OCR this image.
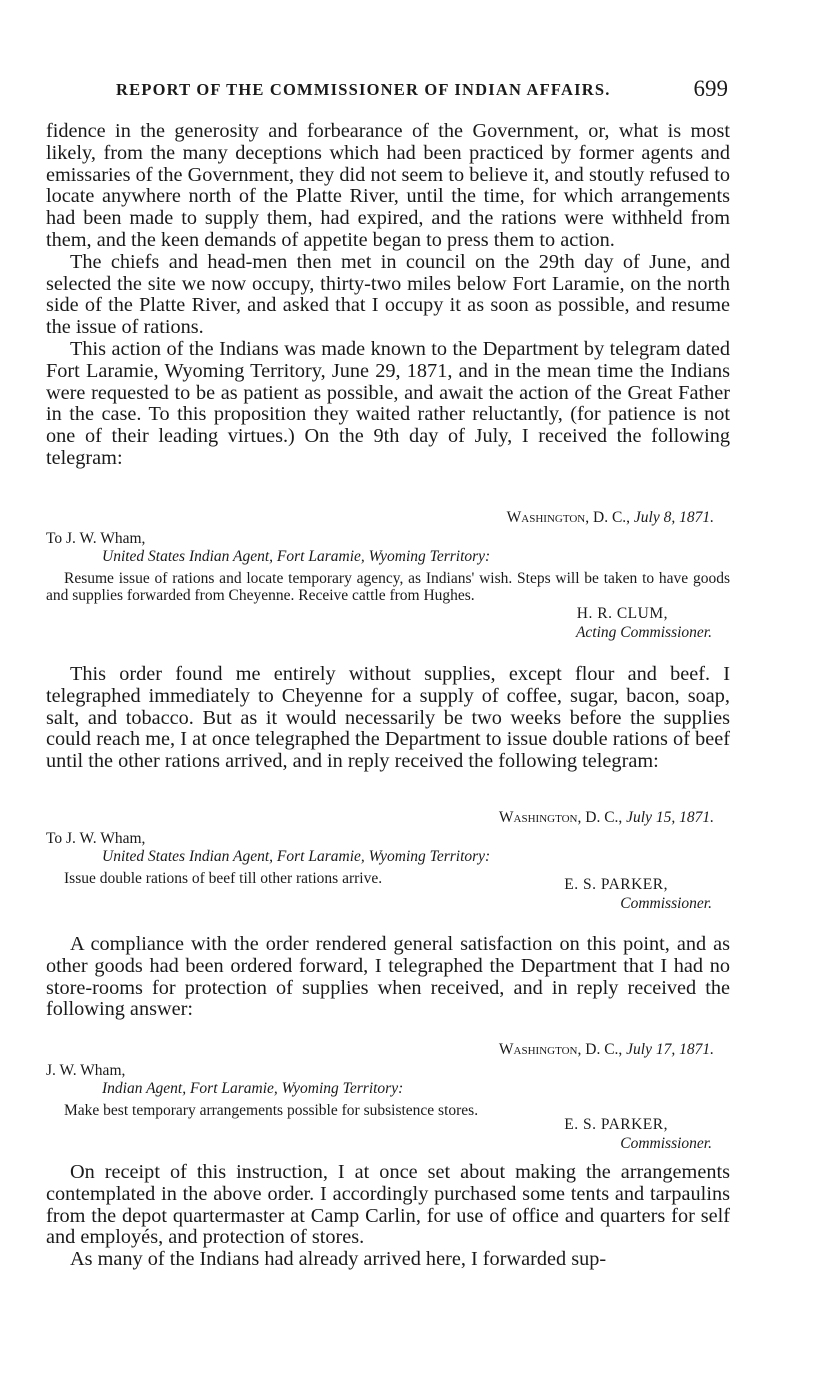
REPORT OF THE COMMISSIONER OF INDIAN AFFAIRS.	699

fidence in the generosity and forbearance of the Government, or, what is most likely, from the many deceptions which had been practiced by former agents and emissaries of the Government, they did not seem to believe it, and stoutly refused to locate anywhere north of the Platte River, until the time, for which arrangements had been made to supply them, had expired, and the rations were withheld from them, and the keen demands of appetite began to press them to action.

The chiefs and head-men then met in council on the 29th day of June, and selected the site we now occupy, thirty-two miles below Fort Laramie, on the north side of the Platte River, and asked that I occupy it as soon as possible, and resume the issue of rations.

This action of the Indians was made known to the Department by telegram dated Fort Laramie, Wyoming Territory, June 29, 1871, and in the mean time the Indians were requested to be as patient as possible, and await the action of the Great Father in the case. To this proposition they waited rather reluctantly, (for patience is not one of their leading virtues.) On the 9th day of July, I received the following telegram:

Washington, D. C., July 8, 1871.
To J. W. Wham,
United States Indian Agent, Fort Laramie, Wyoming Territory:
Resume issue of rations and locate temporary agency, as Indians' wish. Steps will be taken to have goods and supplies forwarded from Cheyenne. Receive cattle from Hughes.
H. R. CLUM,
Acting Commissioner.

This order found me entirely without supplies, except flour and beef. I telegraphed immediately to Cheyenne for a supply of coffee, sugar, bacon, soap, salt, and tobacco. But as it would necessarily be two weeks before the supplies could reach me, I at once telegraphed the Department to issue double rations of beef until the other rations arrived, and in reply received the following telegram:

Washington, D. C., July 15, 1871.
To J. W. Wham,
United States Indian Agent, Fort Laramie, Wyoming Territory:
Issue double rations of beef till other rations arrive.	E. S. PARKER,
Commissioner.

A compliance with the order rendered general satisfaction on this point, and as other goods had been ordered forward, I telegraphed the Department that I had no store-rooms for protection of supplies when received, and in reply received the following answer:

Washington, D. C., July 17, 1871.
J. W. Wham,
Indian Agent, Fort Laramie, Wyoming Territory:
Make best temporary arrangements possible for subsistence stores.
E. S. PARKER,
Commissioner.

On receipt of this instruction, I at once set about making the arrangements contemplated in the above order. I accordingly purchased some tents and tarpaulins from the depot quartermaster at Camp Carlin, for use of office and quarters for self and employés, and protection of stores.

As many of the Indians had already arrived here, I forwarded sup-
